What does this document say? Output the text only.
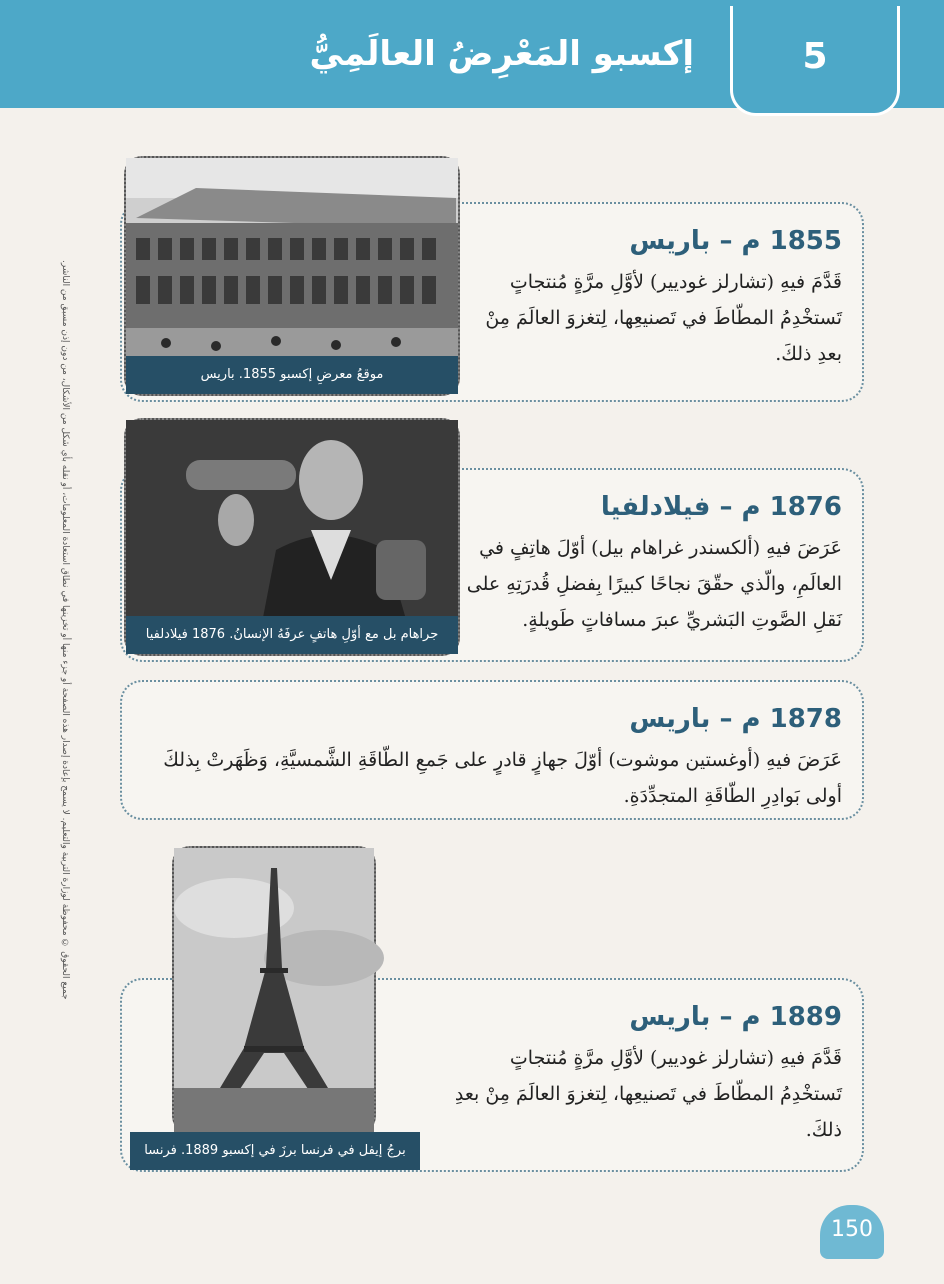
إكسبو المَعْرِضُ العالَمِيُّ	5
جميع الحقوق © محفوظة لوزارة التربية والتعليم. لا يسمح بإعادة إصدار هذه الصفحة أو جزء منها أو تخزينها في نطاق استعادة المعلومات، أو نقله بأي شكل من الأشكال، من دون إذن مسبق من الناشر.

1855 م – باريس

قَدَّمَ فيهِ (تشارلز غوديير) لأوَّلِ مرَّةٍ مُنتجاتٍ تَستخْدِمُ المطّاطَ في تَصنيعِها، لِتغزوَ العالَمَ مِنْ بعدِ ذلكَ.

موقعُ معرضِ إكسبو 1855. باريس

1876 م – فيلادلفيا

عَرَضَ فيهِ (ألكسندر غراهام بيل) أوّلَ هاتِفٍ في العالَمِ، والّذي حقّقَ نجاحًا كبيرًا بِفضلِ قُدرَتِهِ على نَقلِ الصَّوتِ البَشريِّ عبرَ مسافاتٍ طَويلةٍ.

جراهام بل مع أوّلِ هاتفٍ عرفَهُ الإنسانُ. 1876 فيلادلفيا

1878 م – باريس

عَرَضَ فيهِ (أوغستين موشوت) أوّلَ جهازٍ قادرٍ على جَمعِ الطّاقَةِ الشَّمسيَّةِ، وَظَهَرتْ بِذلكَ أولى بَوادِرِ الطّاقَةِ المتجدِّدَةِ.

1889 م – باريس

قَدَّمَ فيهِ (تشارلز غوديير) لأوَّلِ مرَّةٍ مُنتجاتٍ تَستخْدِمُ المطّاطَ في تَصنيعِها، لِتغزوَ العالَمَ مِنْ بعدِ ذلكَ.

برجُ إيفل في فرنسا برزَ في إكسبو 1889. فرنسا
150
